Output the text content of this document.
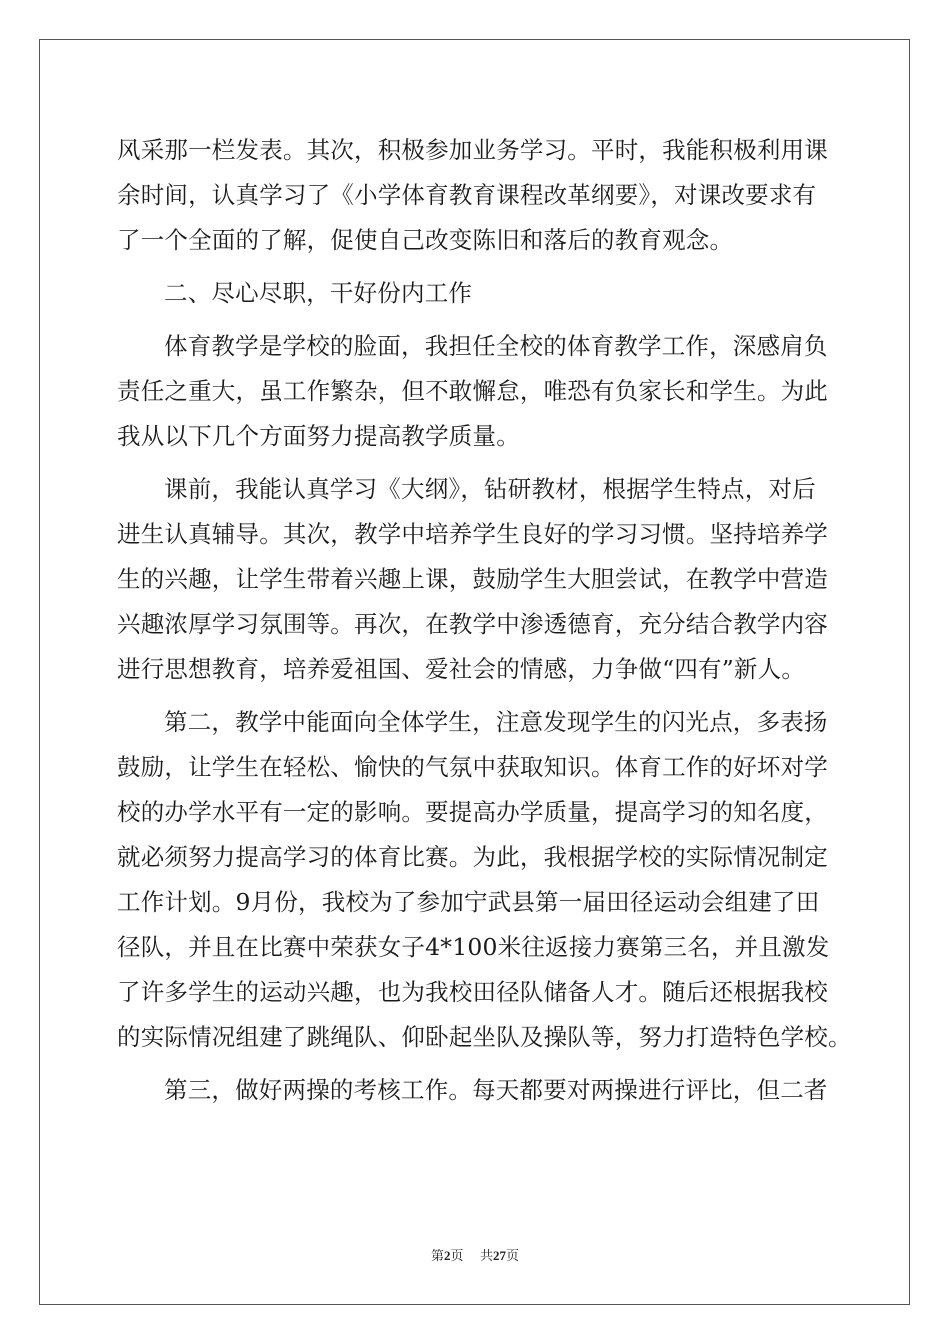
风采那一栏发表。其次，积极参加业务学习。平时，我能积极利用课
余时间，认真学习了《小学体育教育课程改革纲要》，对课改要求有
了一个全面的了解，促使自己改变陈旧和落后的教育观念。
二、尽心尽职，干好份内工作
体育教学是学校的脸面，我担任全校的体育教学工作，深感肩负
责任之重大，虽工作繁杂，但不敢懈怠，唯恐有负家长和学生。为此
我从以下几个方面努力提高教学质量。
课前，我能认真学习《大纲》，钻研教材，根据学生特点，对后
进生认真辅导。其次，教学中培养学生良好的学习习惯。坚持培养学
生的兴趣，让学生带着兴趣上课，鼓励学生大胆尝试，在教学中营造
兴趣浓厚学习氛围等。再次，在教学中渗透德育，充分结合教学内容
进行思想教育，培养爱祖国、爱社会的情感，力争做“四有”新人。
第二，教学中能面向全体学生，注意发现学生的闪光点，多表扬
鼓励，让学生在轻松、愉快的气氛中获取知识。体育工作的好坏对学
校的办学水平有一定的影响。要提高办学质量，提高学习的知名度，
就必须努力提高学习的体育比赛。为此，我根据学校的实际情况制定
工作计划。9月份，我校为了参加宁武县第一届田径运动会组建了田
径队，并且在比赛中荣获女子4*100米往返接力赛第三名，并且激发
了许多学生的运动兴趣，也为我校田径队储备人才。随后还根据我校
的实际情况组建了跳绳队、仰卧起坐队及操队等，努力打造特色学校。
第三，做好两操的考核工作。每天都要对两操进行评比，但二者
第2页 共27页
